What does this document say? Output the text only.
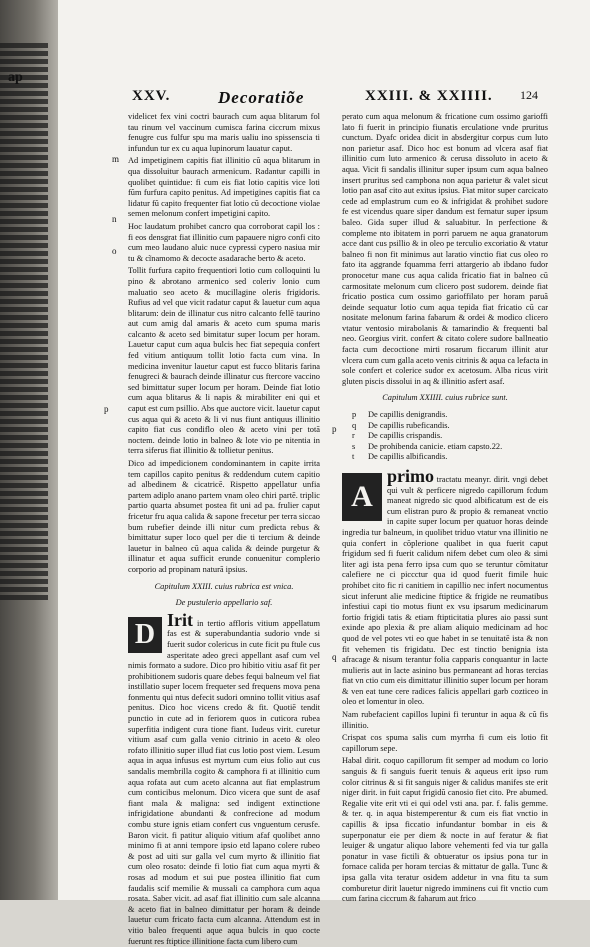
ap
XXV.	Decoratiõe	XXIII. & XXIIII. 124
m
n
o
p
p
q

videlicet fex vini coctri baurach cum aqua blitarum fol tau rinum vel vaccinum cumisca farina ciccrum mixus fenugre cus fulfur spu ma maris ualiu ino spissenscia ti infundun tur ex cu aqua lupinorum lauatur caput.

Ad impetiginem capitis fiat illinitio cũ aqua blitarum in qua dissoluitur baurach armenicum. Radantur capilli in quolibet quintidue: fi cum eis fiat lotio capitis vice loti fũm furfura capito penitus. Ad impetigines capitis fiat ca lidatur fũ capito frequenter fiat lotio cũ decoctione violae semen melonum confert impetigini capito.

Hoc laudatum prohibet cancro qua corroborat capil los : fi eos densgrat fiat illinitio cum papauere nigro confi cito cum meo laudano aluic nuce cypressi cypero nasiua mir tu & cĩnamomo & decocte asadarache berto & aceto.

Tollit furfura capito frequentiori lotio cum colloquinti lu pino & abrotano armenico sed coleriv lonio cum maluatio seo aceto & mucillagine oleris frigidoris. Rufius ad vel que vicit radatur caput & lauetur cum aqua blitarum: dein de illinatur cus nitro calcanto fellē taurino aut cum amig dal amaris & aceto cum spuma maris calcanto & aceto sed bimitatur super locum per horam. Lauetur caput cum aqua bulcis hec fiat sepequia confert fed vitium antiquum tollit lotio facta cum vina. In medicina invenitur lauetur caput est fucco blitaris farina fenugreci & baurach deinde illinatur cus ftercore vaccino sed bimittatur super locum per horam. Deinde fiat lotio cum aqua blitarus & li napis & mirabiliter eni qui et caput est cum psillio. Abs que auctore vicit. lauetur caput cus aqua qui & aceto & li vi nus fiunt antiquus illinitio capito fiat cus condiflo oleo & aceto vini per totā noctem. deinde lotio in balneo & lote vio pe nitentia in terra siferus fiat illinitio & tollietur penitus.

Dico ad impedicionem condominantem in capite irrita tem capillos capito penitus & reddendum cutem capitio ad albedinem & cicatricē. Rispetto appellatur unfia partem adiplo anano partem vnam oleo chiri partē. triplic partio quarta absumet postea fit uni ad pa. frulier caput fricetur fru aqua calida & sapone frecetur per terra siccao bum rubefier deinde illi nitur cum predicta rebus & bimittatur super loco quel per die ti tercium & deinde lauetur in balneo cū aqua calida & deinde purgetur & illinatur et aqua sufficit erunde conuenitur complerio corporio ad propinam naturā ipsius.

Capitulum XXIII. cuius rubrica est vnica.

De pustulerio appellario saf.

D Irit in tertio affloris vitium appellatum fas est & superabundantia sudorio vnde si fuerit sudor colericus in cute ficit pu ftule cus asperitate adeo greci appellant asaf cum vel nimis formato a sudore. Dico pro hibitio vitiu asaf fit per prohibitionem sudoris quare debes fequi balneum vel fiat instillatio super locem frequeter sed frequens mova pena fonmentu qui ntus defecit sudori omnino tollit vitius asaf penitus. Dico hoc vicens credo & fit. Quotiē tendit punctio in cute ad in feriorem quos in cuticora rubea superfitia indigent cura tione fiant. Iudeus virit. curetur vitium asaf cum galla venio citrinio in aceto & oleo rofato illinitio super illud fiat cus lotio post viem. Lesum aqua in aqua infusus est myrtum cum eius folio aut cus sandalis membrilla cogito & camphora fi at illinitio cum aqua rofata aut cum aceto alcanna aut fiat emplastrum cum conticibus melonum. Dico vicera que sunt de asaf fiant mala & maligna: sed indigent extinctione infrigidatione abundanti & confrecione ad modum combu sture ignis etiam confert cus vnguentum cerusfe. Baron vicit. fi patitur aliquio vitium afaf quolibet anno minimo fi at anni tempore ipsio etd lapano colere rubeo & post ad uiti sur galla vel cum myrto & illinitio fiat cum oleo rosato: deinde fi lotio fiat cum aqua myrti & rosas ad modum et sui pue postea illinitio fiat cum faudalis scif memilie & mussali ca camphora cum aqua rosata. Saber vicit. ad asaf fiat illinitio cum sale alcanna & aceto fiat in balneo dimittatur per horam & deinde lauetur cum fricato facta cum alcanna. Attendum est in vitio baleo frequenti aque aqua bulcis in quo cocte fuerunt res ftiptice illinitione facta cum libero cum

perato cum aqua melonum & fricatione cum ossimo garioffi lato fi fuerit in principio fiunatis erculatione vnde pruritus cunctum. Dyafc oridea dicit in absdergitur corpus cum luto non parietur asaf. Dico hoc est bonum ad vlcera asaf fiat illinitio cum luto armenico & cerusa dissoluto in aceto & aqua. Vicit fi sandalis illinitur super ipsum cum aqua balneo insert pruritus sed campbona non aqua parietur & valet sicut lotio pan asaf cito aut exitus ipsius. Fiat mitor super carcicato cede ad emplastrum cum eo & infrigidat & prohibet sudore fe est vicendus quare siper dandum est fernatur super ipsum baleo. Gida super illud & saluabitur. In perfectione & compleme nto ibitatem in porri paruem ne aqua granatorum acce dant cus psillio & in oleo pe terculio excoriatio & vtatur balneo fi non fit minimus aut laratio vinctio fiat cus oleo ro fato ita aggrande fquamma ferri attargerio ab ibdano fudor pronocetur mane cus aqua calida fricatio fiat in balneo cū carmositate melonum cum clicero post sudorem. deinde fiat fricatio postica cum ossimo garioffilato per horam paruã deinde sequatur lotio cum aqua tepida fiat fricatio cū car nositate melonum farina fabarum & ordei & modico clicero vtatur ventosio mirabolanis & tamarindio & frequenti bal neo. Georgius virit. confert & citato colere sudore ballneatio facta cum decoctione mirti rosarum ficcarum illinit atur vlcera cum cum galla aceto venis citrinis & aqua ca lefacta in sole confert et colerice sudor ex acetosum. Alba ricus virit gluten piscis dissolui in aq & illinitio asfert asaf.

Capitulum XXIIII. cuius rubrice sunt.

p De capillis denigrandis.

q De capillis rubeficandis.

r De capillis crispandis.

s De prohibenda canicie. etiam capsto.22.

t De capillis albificandis.

A
primo tractatu meanyr. dirit. vngi debet qui vult & perficere nigredo capillorum fcdum maneat nigredo sic quod albificatum est de eis cum elistran puro & propio & remaneat vnctio in capite super locum per quatuor horas deinde ingredia tur balneum, in quolibet triduo vtatur vna illinitio ne quia confert in cõplerione qualibet in qua fuerit caput frigidum sed fi fuerit calidum nifem debet cum oleo & simi liter agi ista pena ferro ipsa cum quo se teruntur cõmitatur calefiere ne ci piccctur qua id quod fuerit fimile huic prohibet cito fic ri canitiem in capillio nec infert nocumentus sicut inferunt alie medicine ftiptice & frigide ne reumatibus infestiui capi tio motus fiunt ex vsu ipsarum medicinarum fortio frigidi tatis & etiam ftipticitatia plures aio passi sunt exinde apo plexia & pre aliam aliquio medicinam ad hoc quod de vel potes vti eo que habet in se tenuitatē ista & non fit vehemen tis frigidatu. Dec est tinctio benignia ista afracage & nisum terantur folia capparis conquantur in lacte mulieris aut in lacte asinino bus permaneant ad horas tercias fiat vn ctio cum eis dimittatur illinitio super locum per horam & ven eat tune cere radices falicis appellari garb cozticeo in oleo et lomentur in oleo.

Nam rubefacient capillos lupini fi teruntur in aqua & cũ fis illinitio.

Crispat cos spuma salis cum myrrha fi cum eis lotio fit capillorum sepe.

Habal dirit. coquo capillorum fit semper ad modum co lorio sanguis & fi sanguis fuerit tenuis & aqueus erit ipso rum color citrinus & si fit sanguis niger & calidus manifes ste erit niger dirit. in fuit caput frigidũ canosio fiet cito. Pre abumed. Regalie vite erit vti ei qui odel vsti ana. par. f. falis gemme. & ter. q. in aqua bistemperentur & cum eis fiat vnctio in capillis & ipsa ficcatio infundantur bombar in eis & superponatur eie per diem & nocte in auf feratur & fiat leuiger & ungatur aliquo labore vehementi fed via tur galla ponatur in vase fictili & obtueratur os ipsius pona tur in fornace calida per horam tercias & mittatur de galla. Tunc & ipsa galla vita teratur osidem addetur in vna fitu ta sum comburetur dirit lauetur nigredo imminens cui fit vnctio cum cum farina ciccrum & faharum aut frico
